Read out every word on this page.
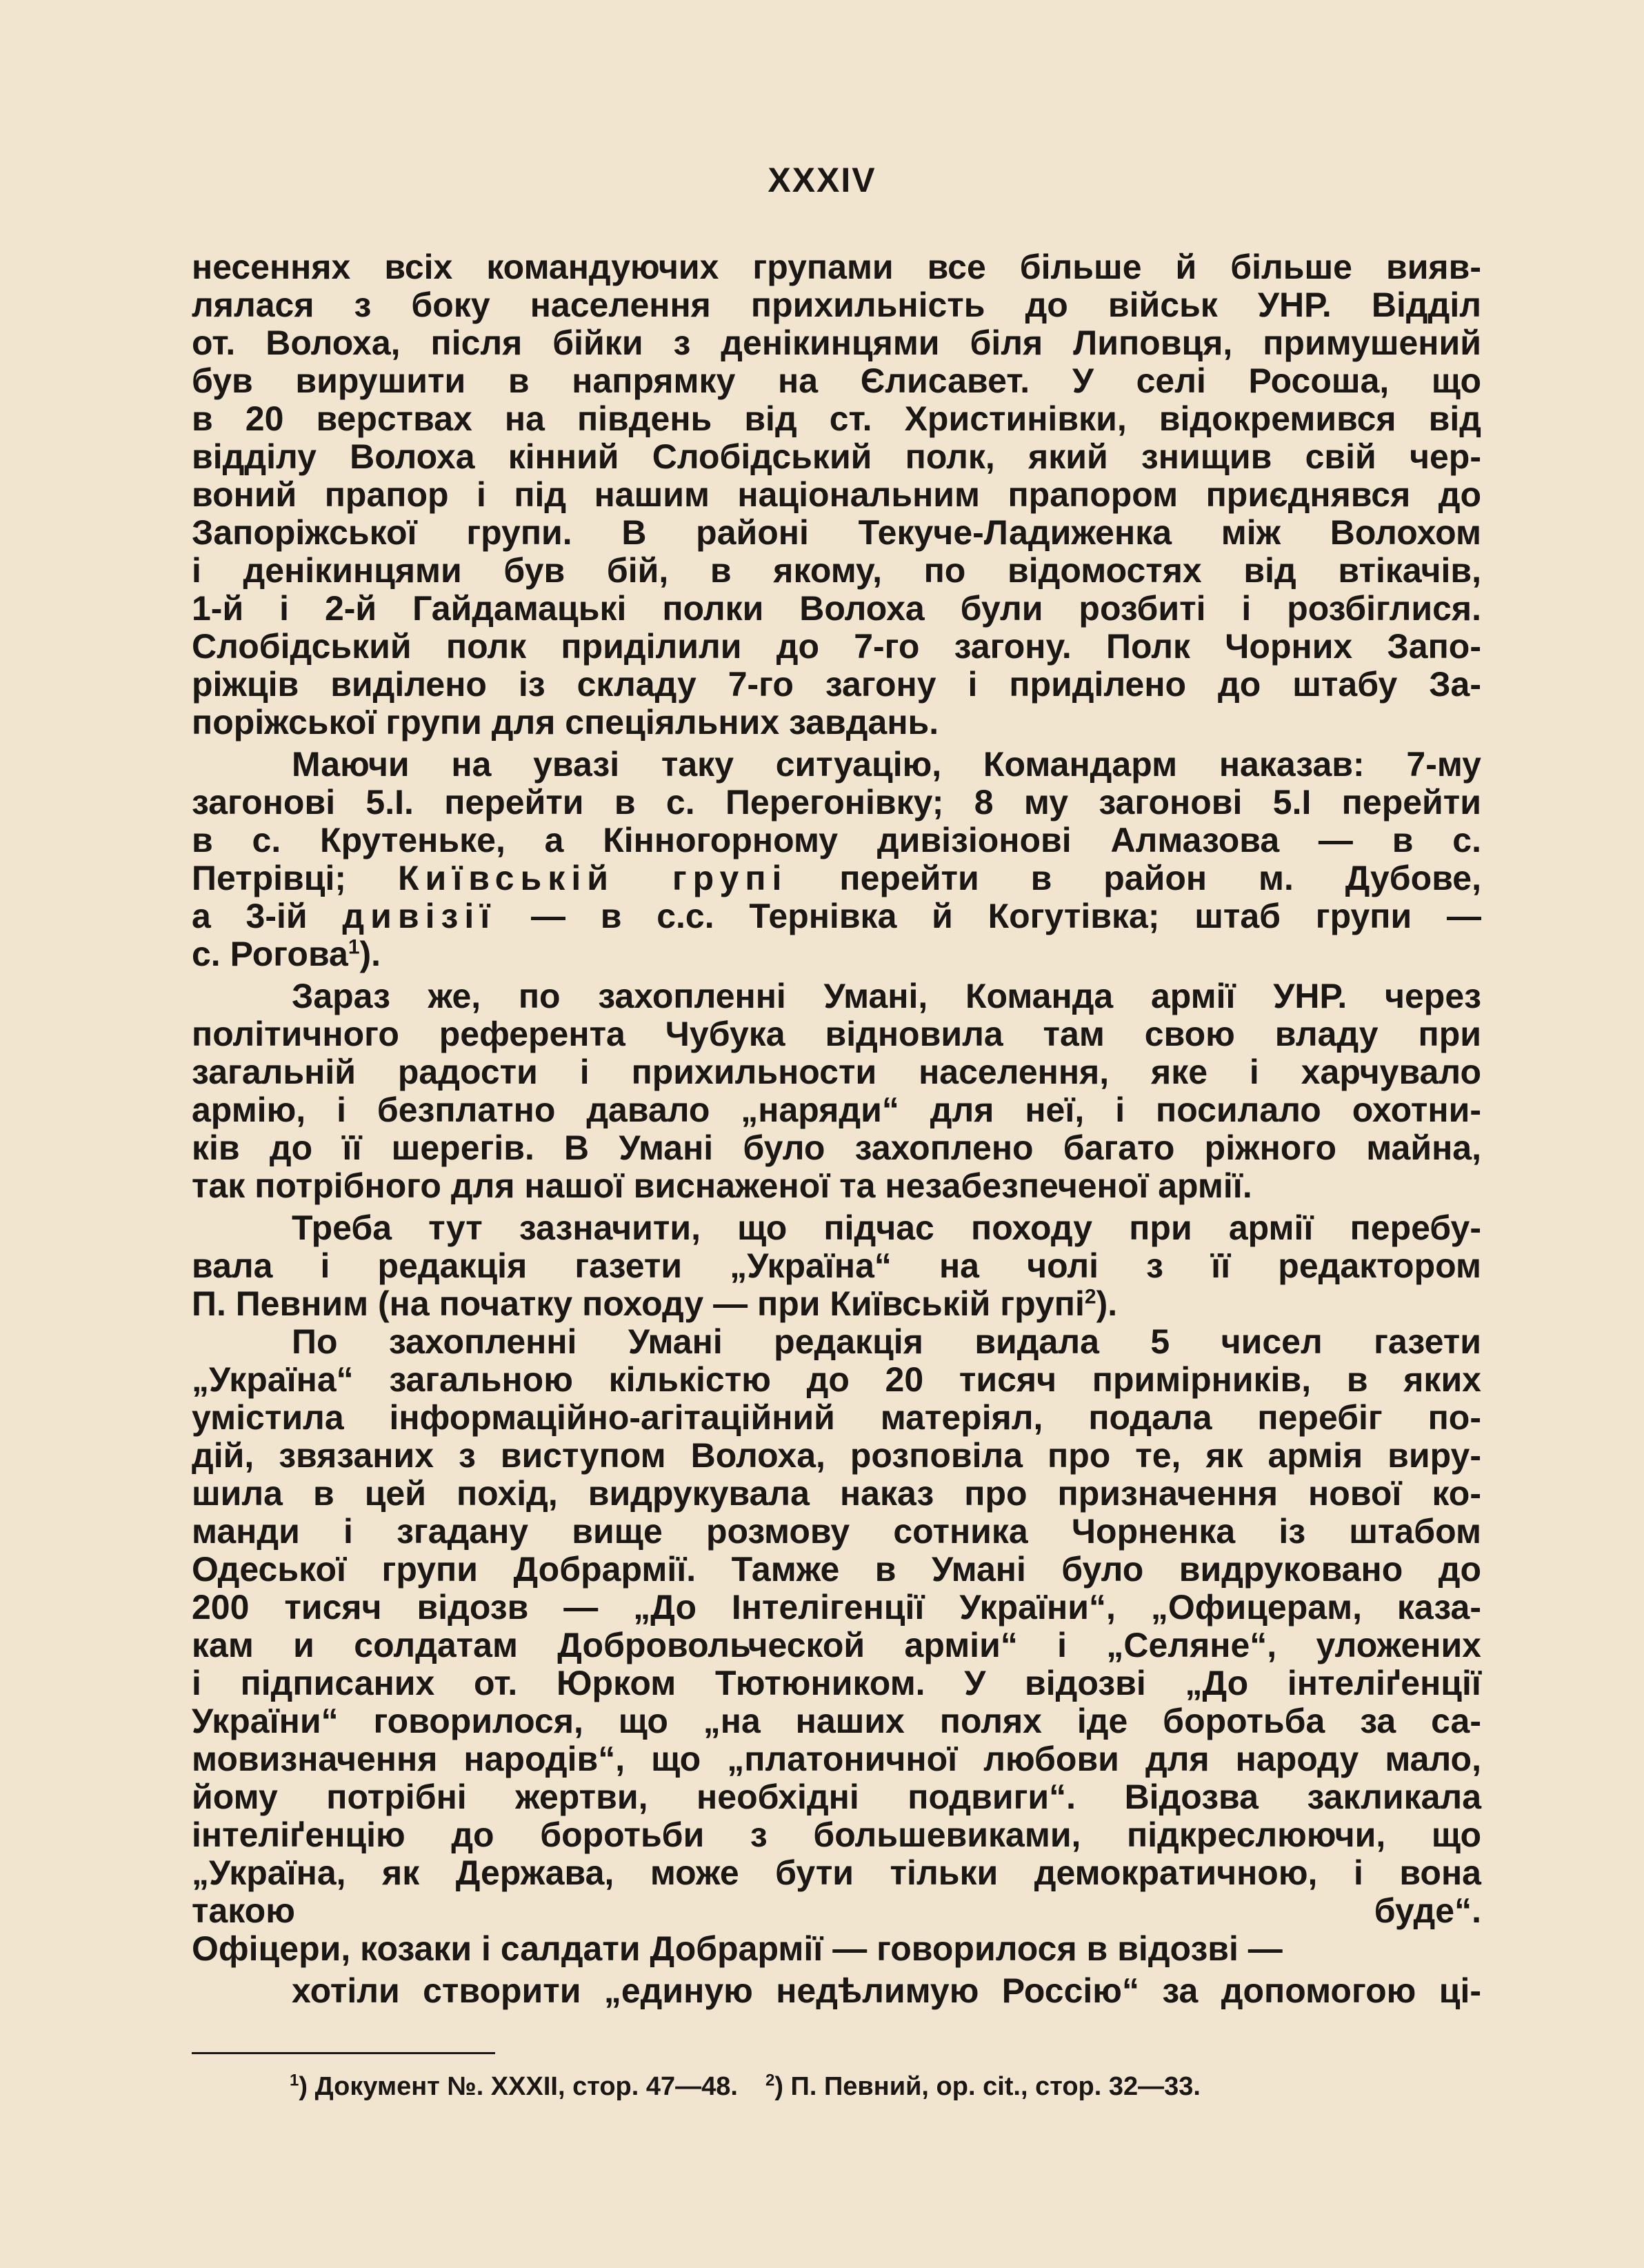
XXXIV
несеннях всіх командуючих групами все більше й більше вияв-
лялася з боку населення прихильність до військ УНР. Відділ
от. Волоха, після бійки з денікинцями біля Липовця, примушений
був вирушити в напрямку на Єлисавет. У селі Росоша, що
в 20 верствах на південь від ст. Христинівки, відокремився від
відділу Волоха кінний Слобідський полк, який знищив свій чер-
воний прапор і під нашим національним прапором приєднявся до
Запоріжської групи. В районі Текуче-Ладиженка між Волохом
і денікинцями був бій, в якому, по відомостях від втікачів,
1-й і 2-й Гайдамацькі полки Волоха були розбиті і розбіглися.
Слобідський полк приділили до 7-го загону. Полк Чорних Запо-
ріжців виділено із складу 7-го загону і приділено до штабу За-
поріжської групи для спеціяльних завдань.
Маючи на увазі таку ситуацію, Командарм наказав: 7-му
загонові 5.І. перейти в с. Перегонівку; 8 му загонові 5.І перейти
в с. Крутеньке, а Кінногорному дивізіонові Алмазова — в с.
Петрівці; Київській групі перейти в район м. Дубове,
а 3-ій дивізії — в с.с. Тернівка й Когутівка; штаб групи —
с. Рогова$^1$).
Зараз же, по захопленні Умані, Команда армії УНР. через
політичного референта Чубука відновила там свою владу при
загальній радости і прихильности населення, яке і харчувало
армію, і безплатно давало „наряди“ для неї, і посилало охотни-
ків до її шерегів. В Умані було захоплено багато ріжного майна,
так потрібного для нашої виснаженої та незабезпеченої армії.
Треба тут зазначити, що підчас походу при армії перебу-
вала і редакція газети „Україна“ на чолі з її редактором
П. Певним (на початку походу — при Київській групі$^2$).
По захопленні Умані редакція видала 5 чисел газети
„Україна“ загальною кількістю до 20 тисяч примірників, в яких
умістила інформаційно-агітаційний матеріял, подала перебіг по-
дій, звязаних з виступом Волоха, розповіла про те, як армія виру-
шила в цей похід, видрукувала наказ про призначення нової ко-
манди і згадану вище розмову сотника Чорненка із штабом
Одеської групи Добрармії. Тамже в Умані було видруковано до
200 тисяч відозв — „До Інтелігенції України“, „Офицерам, каза-
кам и солдатам Добровольческой арміи“ і „Селяне“, уложених
і підписаних от. Юрком Тютюником. У відозві „До інтеліґенції
України“ говорилося, що „на наших полях іде боротьба за са-
мовизначення народів“, що „платоничної любови для народу мало,
йому потрібні жертви, необхідні подвиги“. Відозва закликала
інтеліґенцію до боротьби з большевиками, підкреслюючи, що
„Україна, як Держава, може бути тільки демократичною, і вона
такою буде“.
Офіцери, козаки і салдати Добрармії — говорилося в відозві —
хотіли створити „единую недѣлимую Россію“ за допомогою ці-
$^1$) Документ №. XXXII, стор. 47—48. $^2$) П. Певний, op. cit., стор. 32—33.
